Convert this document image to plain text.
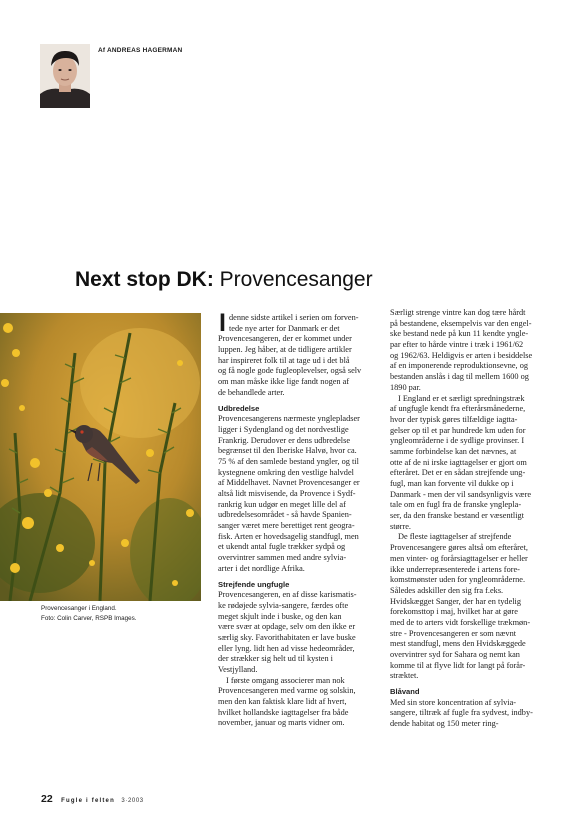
Af ANDREAS HAGERMAN
Next stop DK: Provencesanger
Provencesanger i England.
Foto: Colin Carver, RSPB Images.
I denne sidste artikel i serien om forven-
tede nye arter for Danmark er det
Provencesangeren, der er kommet under
luppen. Jeg håber, at de tidligere artikler
har inspireret folk til at tage ud i det blå
og få nogle gode fugleoplevelser, også selv
om man måske ikke lige fandt nogen af
de behandlede arter.
Udbredelse
Provencesangerens nærmeste ynglepladser
ligger i Sydengland og det nordvestlige
Frankrig. Derudover er dens udbredelse
begrænset til den Iberiske Halvø, hvor ca.
75 % af den samlede bestand yngler, og til
kystegnene omkring den vestlige halvdel
af Middelhavet. Navnet Provencesanger er
altså lidt misvisende, da Provence i Sydf-
rankrig kun udgør en meget lille del af
udbredelsesområdet - så havde Spanien-
sanger været mere berettiget rent geogra-
fisk. Arten er hovedsagelig standfugl, men
et ukendt antal fugle trækker sydpå og
overvintrer sammen med andre sylvia-
arter i det nordlige Afrika.
Strejfende ungfugle
Provencesangeren, en af disse karismatis-
ke rødøjede sylvia-sangere, færdes ofte
meget skjult inde i buske, og den kan
være svær at opdage, selv om den ikke er
særlig sky. Favorithabitaten er lave buske
eller lyng. lidt hen ad visse hedeområder,
der strækker sig helt ud til kysten i
Vestjylland.
I første omgang associerer man nok
Provencesangeren med varme og solskin,
men den kan faktisk klare lidt af hvert,
hvilket hollandske iagttagelser fra både
november, januar og marts vidner om.
Særligt strenge vintre kan dog tære hårdt
på bestandene, eksempelvis var den engel-
ske bestand nede på kun 11 kendte yngle-
par efter to hårde vintre i træk i 1961/62
og 1962/63. Heldigvis er arten i besiddelse
af en imponerende reproduktionsevne, og
bestanden anslås i dag til mellem 1600 og
1890 par.
I England er et særligt spredningstræk
af ungfugle kendt fra efterårsmånederne,
hvor der typisk gøres tilfældige iagtta-
gelser op til et par hundrede km uden for
yngleområderne i de sydlige provinser. I
samme forbindelse kan det nævnes, at
otte af de ni irske iagttagelser er gjort om
efteråret. Det er en sådan strejfende ung-
fugl, man kan forvente vil dukke op i
Danmark - men der vil sandsynligvis være
tale om en fugl fra de franske ynglepla-
ser, da den franske bestand er væsentligt
større.
De fleste iagttagelser af strejfende
Provencesangere gøres altså om efteråret,
men vinter- og forårsiagttagelser er heller
ikke underrepræsenterede i artens fore-
komstmønster uden for yngleområderne.
Således adskiller den sig fra f.eks.
Hvidskægget Sanger, der har en tydelig
forekomsttop i maj, hvilket har at gøre
med de to arters vidt forskellige trækmøn-
stre - Provencesangeren er som nævnt
mest standfugl, mens den Hvidskæggede
overvintrer syd for Sahara og nemt kan
komme til at flyve lidt for langt på forår-
stræktet.
Blåvand
Med sin store koncentration af sylvia-
sangere, tiltræk af fugle fra sydvest, indby-
dende habitat og 150 meter ring-
22 Fugle i felten 3·2003
